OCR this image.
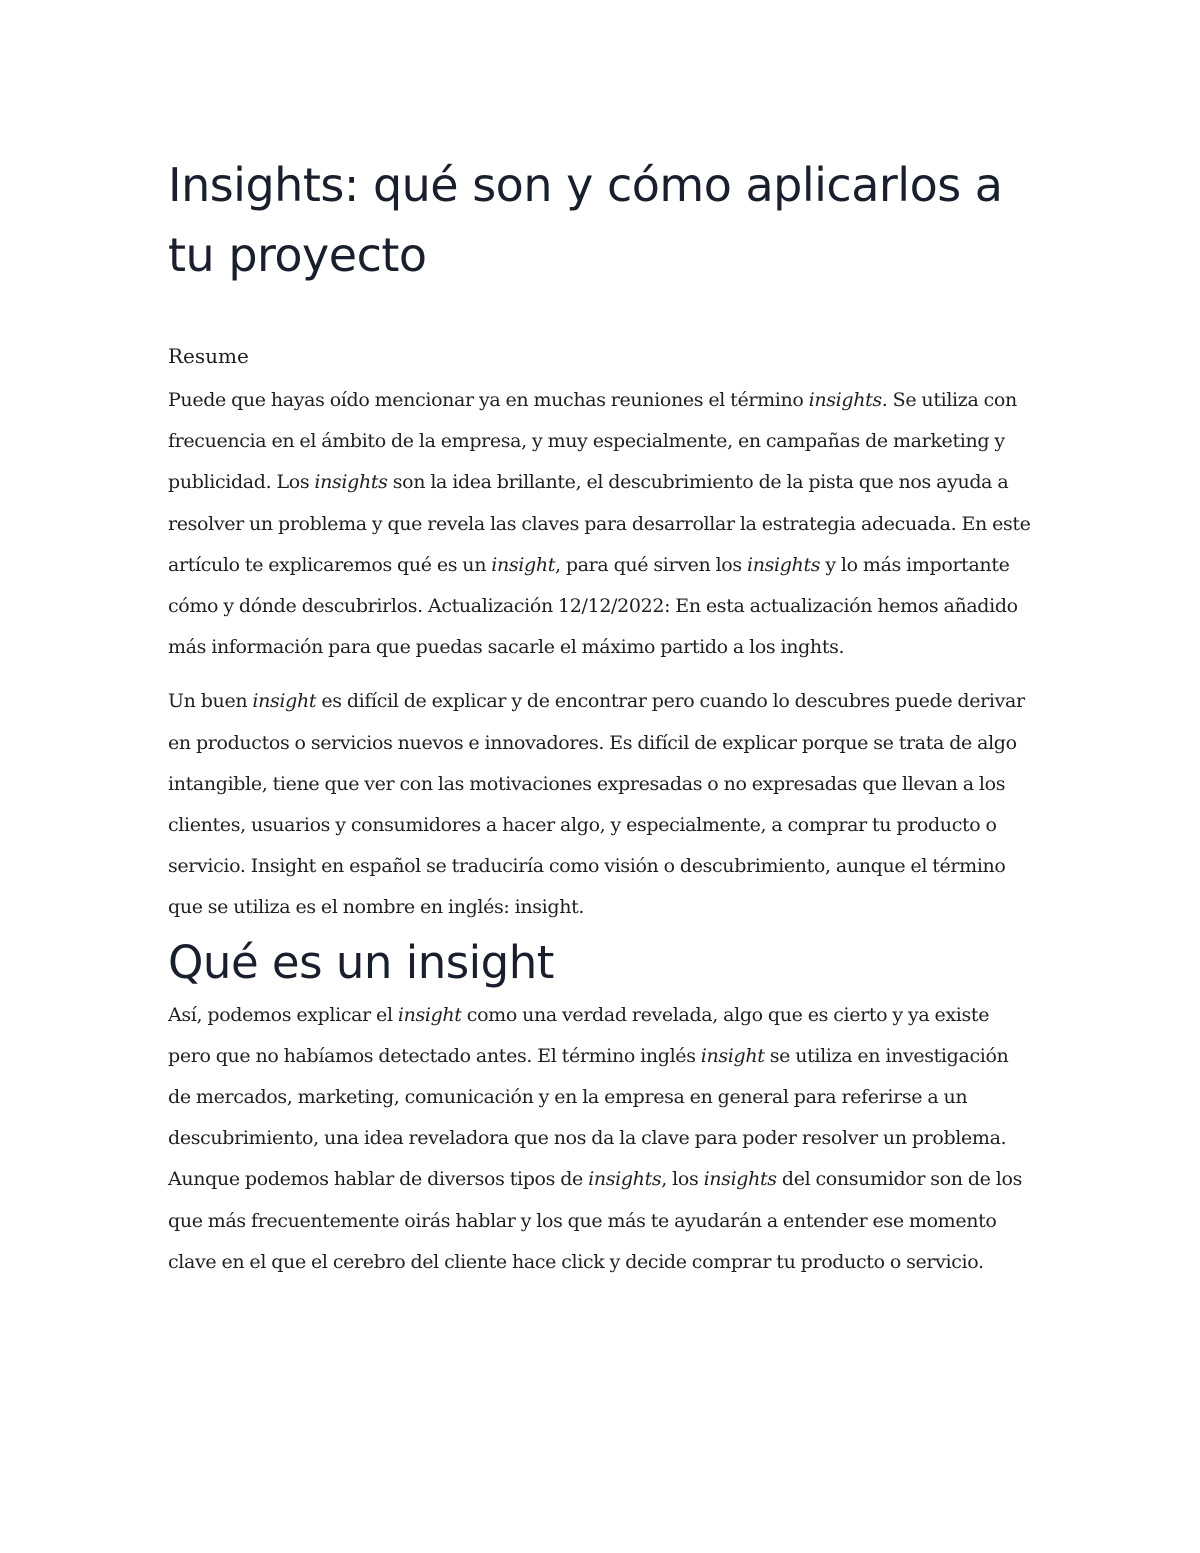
Insights: qué son y cómo aplicarlos a tu proyecto
Resume

Puede que hayas oído mencionar ya en muchas reuniones el término insights. Se utiliza con frecuencia en el ámbito de la empresa, y muy especialmente, en campañas de marketing y publicidad. Los insights son la idea brillante, el descubrimiento de la pista que nos ayuda a resolver un problema y que revela las claves para desarrollar la estrategia adecuada. En este artículo te explicaremos qué es un insight, para qué sirven los insights y lo más importante cómo y dónde descubrirlos. Actualización 12/12/2022: En esta actualización hemos añadido más información para que puedas sacarle el máximo partido a los inghts.

Un buen insight es difícil de explicar y de encontrar pero cuando lo descubres puede derivar en productos o servicios nuevos e innovadores. Es difícil de explicar porque se trata de algo intangible, tiene que ver con las motivaciones expresadas o no expresadas que llevan a los clientes, usuarios y consumidores a hacer algo, y especialmente, a comprar tu producto o servicio. Insight en español se traduciría como visión o descubrimiento, aunque el término que se utiliza es el nombre en inglés: insight.

Qué es un insight

Así, podemos explicar el insight como una verdad revelada, algo que es cierto y ya existe pero que no habíamos detectado antes. El término inglés insight se utiliza en investigación de mercados, marketing, comunicación y en la empresa en general para referirse a un descubrimiento, una idea reveladora que nos da la clave para poder resolver un problema. Aunque podemos hablar de diversos tipos de insights, los insights del consumidor son de los que más frecuentemente oirás hablar y los que más te ayudarán a entender ese momento clave en el que el cerebro del cliente hace click y decide comprar tu producto o servicio.
